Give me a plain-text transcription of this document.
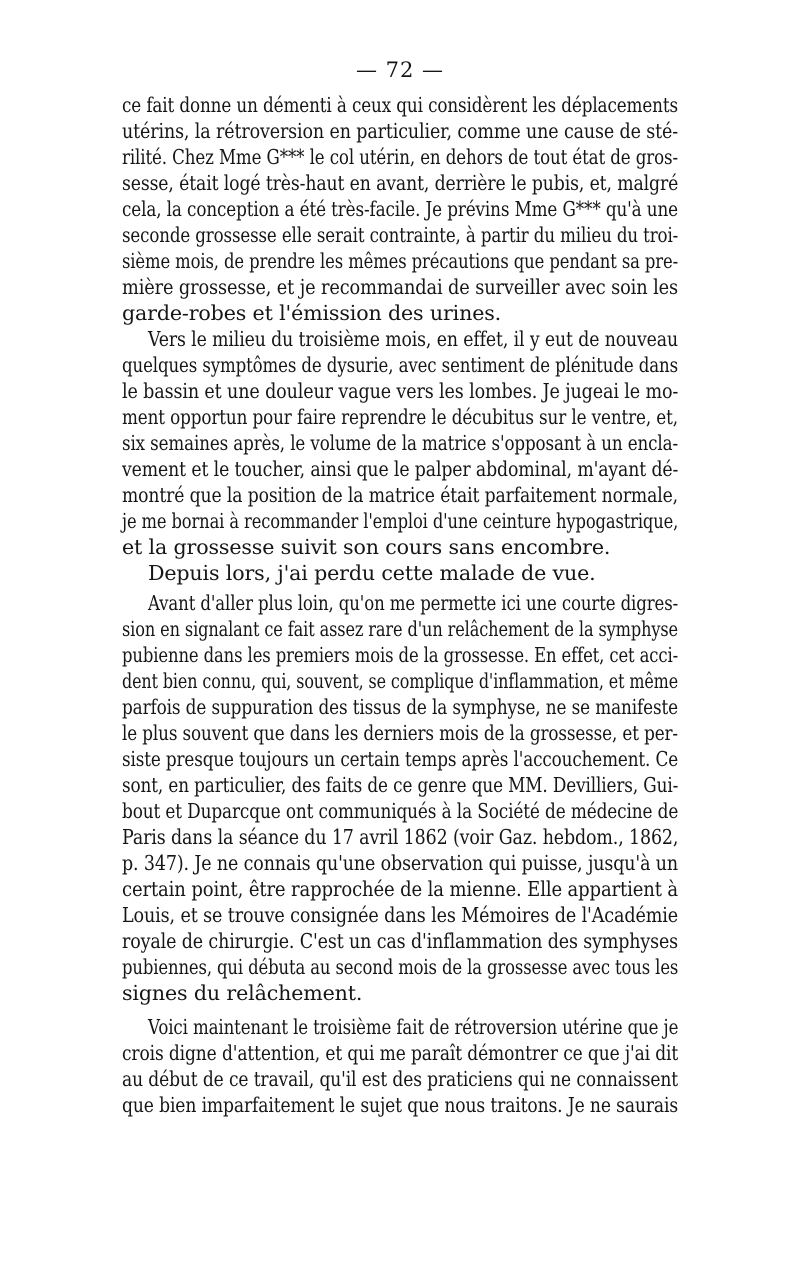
— 72 —
ce fait donne un démenti à ceux qui considèrent les déplacements
utérins, la rétroversion en particulier, comme une cause de sté-
rilité. Chez Mme G*** le col utérin, en dehors de tout état de gros-
sesse, était logé très-haut en avant, derrière le pubis, et, malgré
cela, la conception a été très-facile. Je prévins Mme G*** qu'à une
seconde grossesse elle serait contrainte, à partir du milieu du troi-
sième mois, de prendre les mêmes précautions que pendant sa pre-
mière grossesse, et je recommandai de surveiller avec soin les
garde-robes et l'émission des urines.
Vers le milieu du troisième mois, en effet, il y eut de nouveau
quelques symptômes de dysurie, avec sentiment de plénitude dans
le bassin et une douleur vague vers les lombes. Je jugeai le mo-
ment opportun pour faire reprendre le décubitus sur le ventre, et,
six semaines après, le volume de la matrice s'opposant à un encla-
vement et le toucher, ainsi que le palper abdominal, m'ayant dé-
montré que la position de la matrice était parfaitement normale,
je me bornai à recommander l'emploi d'une ceinture hypogastrique,
et la grossesse suivit son cours sans encombre.
Depuis lors, j'ai perdu cette malade de vue.
Avant d'aller plus loin, qu'on me permette ici une courte digres-
sion en signalant ce fait assez rare d'un relâchement de la symphyse
pubienne dans les premiers mois de la grossesse. En effet, cet acci-
dent bien connu, qui, souvent, se complique d'inflammation, et même
parfois de suppuration des tissus de la symphyse, ne se manifeste
le plus souvent que dans les derniers mois de la grossesse, et per-
siste presque toujours un certain temps après l'accouchement. Ce
sont, en particulier, des faits de ce genre que MM. Devilliers, Gui-
bout et Duparcque ont communiqués à la Société de médecine de
Paris dans la séance du 17 avril 1862 (voir Gaz. hebdom., 1862,
p. 347). Je ne connais qu'une observation qui puisse, jusqu'à un
certain point, être rapprochée de la mienne. Elle appartient à
Louis, et se trouve consignée dans les Mémoires de l'Académie
royale de chirurgie. C'est un cas d'inflammation des symphyses
pubiennes, qui débuta au second mois de la grossesse avec tous les
signes du relâchement.
Voici maintenant le troisième fait de rétroversion utérine que je
crois digne d'attention, et qui me paraît démontrer ce que j'ai dit
au début de ce travail, qu'il est des praticiens qui ne connaissent
que bien imparfaitement le sujet que nous traitons. Je ne saurais
